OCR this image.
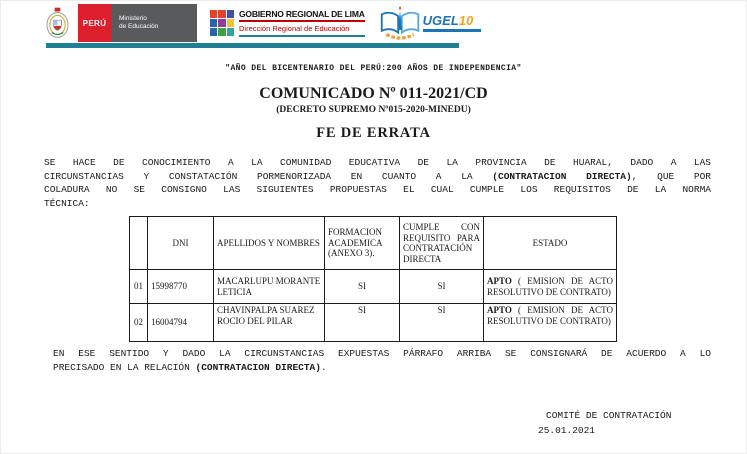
PERÚ	Ministerio
de Educación
GOBIERNO REGIONAL DE LIMA
Dirección Regional de Educación
UGEL10
"AÑO DEL BICENTENARIO DEL PERÚ:200 AÑOS DE INDEPENDENCIA"
COMUNICADO Nº 011-2021/CD
(DECRETO SUPREMO Nº015-2020-MINEDU)
FE DE ERRATA
SE HACE DE CONOCIMIENTO A LA COMUNIDAD EDUCATIVA DE LA PROVINCIA DE HUARAL, DADO A LAS
CIRCUNSTANCIAS Y CONSTATACIÓN PORMENORIZADA EN CUANTO A LA (CONTRATACION DIRECTA), QUE POR
COLADURA NO SE CONSIGNO LAS SIGUIENTES PROPUESTAS EL CUAL CUMPLE LOS REQUISITOS DE LA NORMA
TÉCNICA:
	DNI	APELLIDOS Y NOMBRES	FORMACION ACADEMICA (ANEXO 3).	CUMPLE CON REQUISITO PARA CONTRATACIÓN DIRECTA	ESTADO
01	15998770	MACARLUPU MORANTE LETICIA	SI	SI	APTO ( EMISION DE ACTO RESOLUTIVO DE CONTRATO)
02	16004794	CHAVINPALPA SUAREZ ROCIO DEL PILAR	SI	SI	APTO ( EMISION DE ACTO RESOLUTIVO DE CONTRATO)
EN ESE SENTIDO Y DADO LA CIRCUNSTANCIAS EXPUESTAS PÁRRAFO ARRIBA SE CONSIGNARÁ DE ACUERDO A LO
PRECISADO EN LA RELACIÓN (CONTRATACION DIRECTA).
COMITÉ DE CONTRATACIÓN
25.01.2021
